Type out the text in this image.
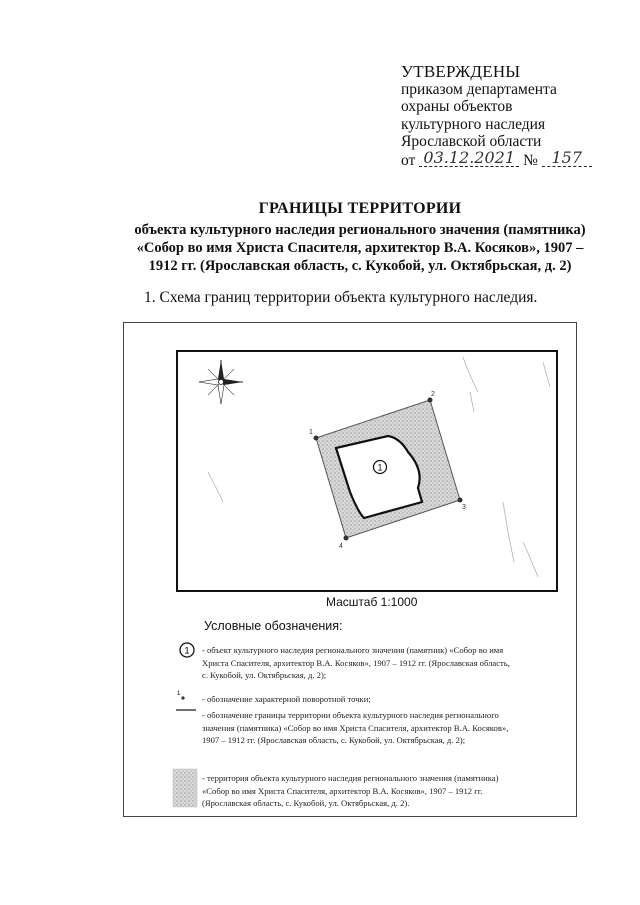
УТВЕРЖДЕНЫ
приказом департамента
охраны объектов
культурного наследия
Ярославской области
от 03.12.2021 № 157
ГРАНИЦЫ ТЕРРИТОРИИ
объекта культурного наследия регионального значения (памятника)
«Собор во имя Христа Спасителя, архитектор В.А. Косяков», 1907 –
1912 гг. (Ярославская область, с. Кукобой, ул. Октябрьская, д. 2)
1. Схема границ территории объекта культурного наследия.
1
1
2
3
4
Масштаб 1:1000
Условные обозначения:
1 - объект культурного наследия регионального значения (памятник) «Собор во имя
Христа Спасителя, архитектор В.А. Косяков», 1907 – 1912 гг. (Ярославская область,
с. Кукобой, ул. Октябрьская, д. 2);
1	- обозначение характерной поворотной точки;
- обозначение границы территории объекта культурного наследия регионального
значения (памятника) «Собор во имя Христа Спасителя, архитектор В.А. Косяков»,
1907 – 1912 гг. (Ярославская область, с. Кукобой, ул. Октябрьская, д. 2);
- территория объекта культурного наследия регионального значения (памятника)
«Собор во имя Христа Спасителя, архитектор В.А. Косяков», 1907 – 1912 гг.
(Ярославская область, с. Кукобой, ул. Октябрьская, д. 2).
